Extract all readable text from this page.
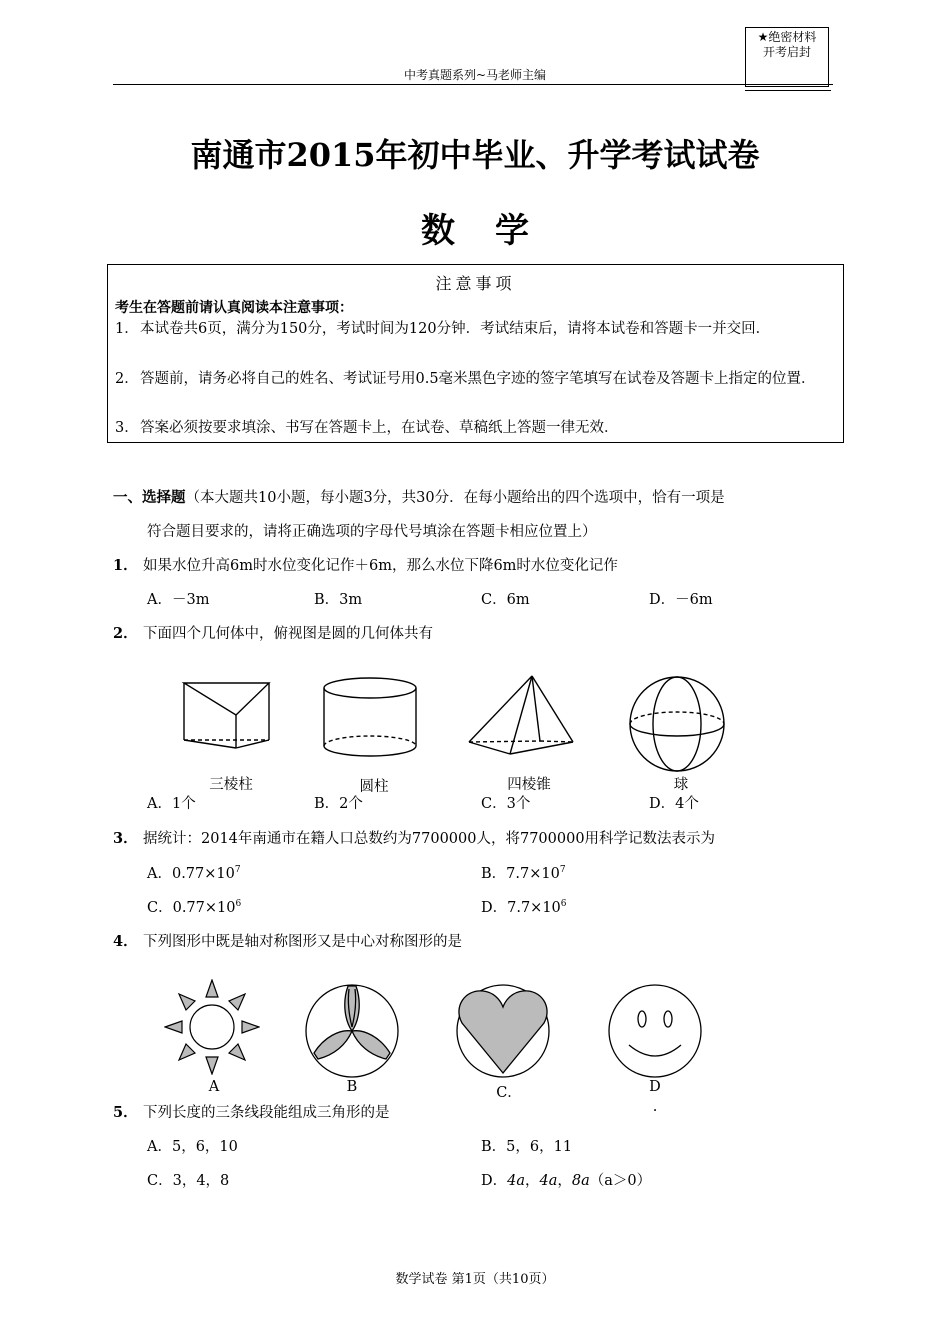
中考真题系列~马老师主编
★绝密材料
开考启封
南通市2015年初中毕业、升学考试试卷
数学
注意事项
考生在答题前请认真阅读本注意事项：
1． 本试卷共6页，满分为150分，考试时间为120分钟．考试结束后，请将本试卷和答题卡一并交回．
2． 答题前，请务必将自己的姓名、考试证号用0.5毫米黑色字迹的签字笔填写在试卷及答题卡上指定的位置．
3． 答案必须按要求填涂、书写在答题卡上，在试卷、草稿纸上答题一律无效．
一、选择题（本大题共10小题，每小题3分，共30分．在每小题给出的四个选项中，恰有一项是
符合题目要求的，请将正确选项的字母代号填涂在答题卡相应位置上）
1． 如果水位升高6m时水位变化记作＋6m，那么水位下降6m时水位变化记作
A．－3m	B．3m	C．6m	D．－6m
2． 下面四个几何体中，俯视图是圆的几何体共有
三棱柱	圆柱	四棱锥	球
A．1个	B．2个	C．3个	D．4个
3． 据统计：2014年南通市在籍人口总数约为7700000人，将7700000用科学记数法表示为
A．$0.77\times 10^7$	B．$7.7\times 10^7$
C．$0.77\times 10^6$	D．$7.7\times 10^6$
4． 下列图形中既是轴对称图形又是中心对称图形的是
A	B	C．	D
.
5． 下列长度的三条线段能组成三角形的是
A．5，6，10	B．5，6，11
C．3，4，8	D．4a，4a，8a（a＞0）
数学试卷 第1页（共10页）
